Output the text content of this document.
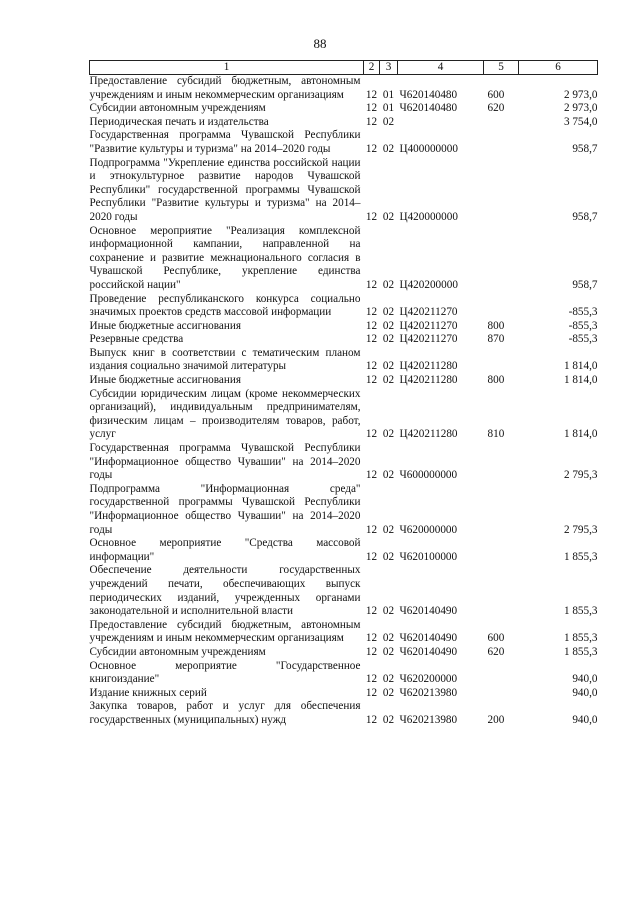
88
1	2	3	4	5	6
Предоставление субсидий бюджетным, автономным учреждениям и иным некоммерческим организациям	12	01	Ч620140480	600	2 973,0
Субсидии автономным учреждениям	12	01	Ч620140480	620	2 973,0
Периодическая печать и издательства	12	02			3 754,0
Государственная программа Чувашской Республики "Развитие культуры и туризма" на 2014–2020 годы	12	02	Ц400000000		958,7
Подпрограмма "Укрепление единства российской нации и этнокультурное развитие народов Чувашской Республики" государственной программы Чувашской Республики "Развитие культуры и туризма" на 2014–2020 годы	12	02	Ц420000000		958,7
Основное мероприятие "Реализация комплексной информационной кампании, направленной на сохранение и развитие межнационального согласия в Чувашской Республике, укрепление единства российской нации"	12	02	Ц420200000		958,7
Проведение республиканского конкурса социально значимых проектов средств массовой информации	12	02	Ц420211270		-855,3
Иные бюджетные ассигнования	12	02	Ц420211270	800	-855,3
Резервные средства	12	02	Ц420211270	870	-855,3
Выпуск книг в соответствии с тематическим планом издания социально значимой литературы	12	02	Ц420211280		1 814,0
Иные бюджетные ассигнования	12	02	Ц420211280	800	1 814,0
Субсидии юридическим лицам (кроме некоммерческих организаций), индивидуальным предпринимателям, физическим лицам – производителям товаров, работ, услуг	12	02	Ц420211280	810	1 814,0
Государственная программа Чувашской Республики "Информационное общество Чувашии" на 2014–2020 годы	12	02	Ч600000000		2 795,3
Подпрограмма "Информационная среда" государственной программы Чувашской Республики "Информационное общество Чувашии" на 2014–2020 годы	12	02	Ч620000000		2 795,3
Основное мероприятие "Средства массовой информации"	12	02	Ч620100000		1 855,3
Обеспечение деятельности государственных учреждений печати, обеспечивающих выпуск периодических изданий, учрежденных органами законодательной и исполнительной власти	12	02	Ч620140490		1 855,3
Предоставление субсидий бюджетным, автономным учреждениям и иным некоммерческим организациям	12	02	Ч620140490	600	1 855,3
Субсидии автономным учреждениям	12	02	Ч620140490	620	1 855,3
Основное мероприятие "Государственное книгоиздание"	12	02	Ч620200000		940,0
Издание книжных серий	12	02	Ч620213980		940,0
Закупка товаров, работ и услуг для обеспечения государственных (муниципальных) нужд	12	02	Ч620213980	200	940,0
